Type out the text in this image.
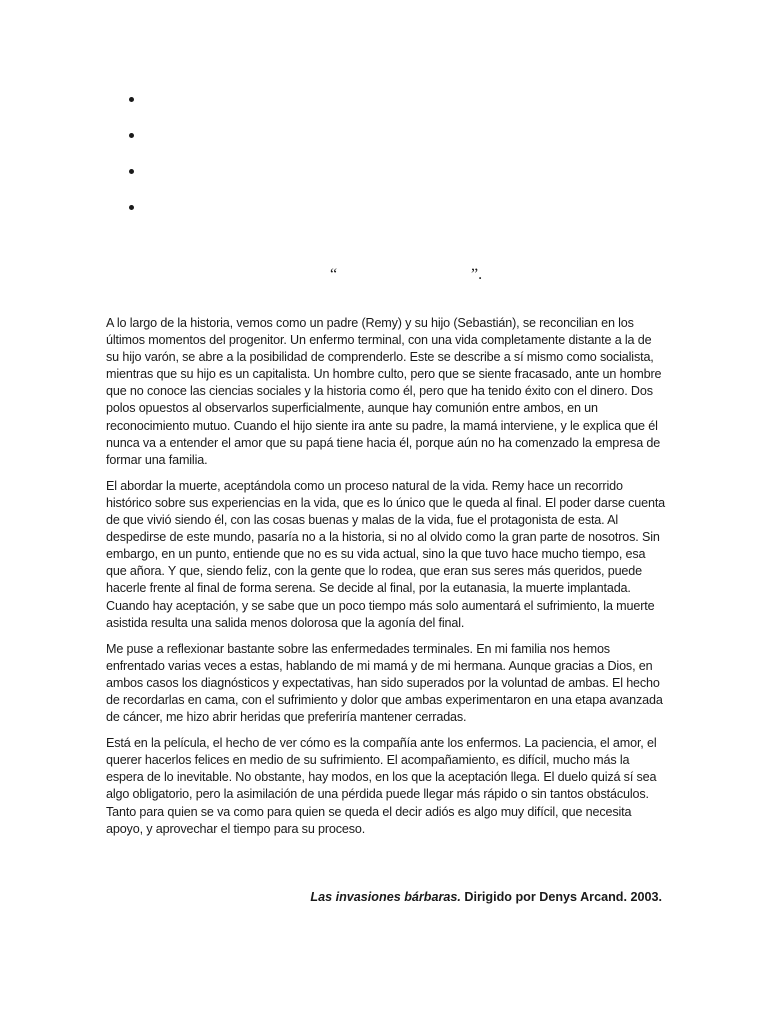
“	”.

A lo largo de la historia, vemos como un padre (Remy) y su hijo (Sebastián), se reconcilian en los últimos momentos del progenitor. Un enfermo terminal, con una vida completamente distante a la de su hijo varón, se abre a la posibilidad de comprenderlo. Este se describe a sí mismo como socialista, mientras que su hijo es un capitalista. Un hombre culto, pero que se siente fracasado, ante un hombre que no conoce las ciencias sociales y la historia como él, pero que ha tenido éxito con el dinero. Dos polos opuestos al observarlos superficialmente, aunque hay comunión entre ambos, en un reconocimiento mutuo. Cuando el hijo siente ira ante su padre, la mamá interviene, y le explica que él nunca va a entender el amor que su papá tiene hacia él, porque aún no ha comenzado la empresa de formar una familia.

El abordar la muerte, aceptándola como un proceso natural de la vida. Remy hace un recorrido histórico sobre sus experiencias en la vida, que es lo único que le queda al final. El poder darse cuenta de que vivió siendo él, con las cosas buenas y malas de la vida, fue el protagonista de esta. Al despedirse de este mundo, pasaría no a la historia, si no al olvido como la gran parte de nosotros. Sin embargo, en un punto, entiende que no es su vida actual, sino la que tuvo hace mucho tiempo, esa que añora. Y que, siendo feliz, con la gente que lo rodea, que eran sus seres más queridos, puede hacerle frente al final de forma serena. Se decide al final, por la eutanasia, la muerte implantada. Cuando hay aceptación, y se sabe que un poco tiempo más solo aumentará el sufrimiento, la muerte asistida resulta una salida menos dolorosa que la agonía del final.

Me puse a reflexionar bastante sobre las enfermedades terminales. En mi familia nos hemos enfrentado varias veces a estas, hablando de mi mamá y de mi hermana. Aunque gracias a Dios, en ambos casos los diagnósticos y expectativas, han sido superados por la voluntad de ambas. El hecho de recordarlas en cama, con el sufrimiento y dolor que ambas experimentaron en una etapa avanzada de cáncer, me hizo abrir heridas que preferiría mantener cerradas.

Está en la película, el hecho de ver cómo es la compañía ante los enfermos. La paciencia, el amor, el querer hacerlos felices en medio de su sufrimiento. El acompañamiento, es difícil, mucho más la espera de lo inevitable. No obstante, hay modos, en los que la aceptación llega. El duelo quizá sí sea algo obligatorio, pero la asimilación de una pérdida puede llegar más rápido o sin tantos obstáculos. Tanto para quien se va como para quien se queda el decir adiós es algo muy difícil, que necesita apoyo, y aprovechar el tiempo para su proceso.

Las invasiones bárbaras. Dirigido por Denys Arcand. 2003.
